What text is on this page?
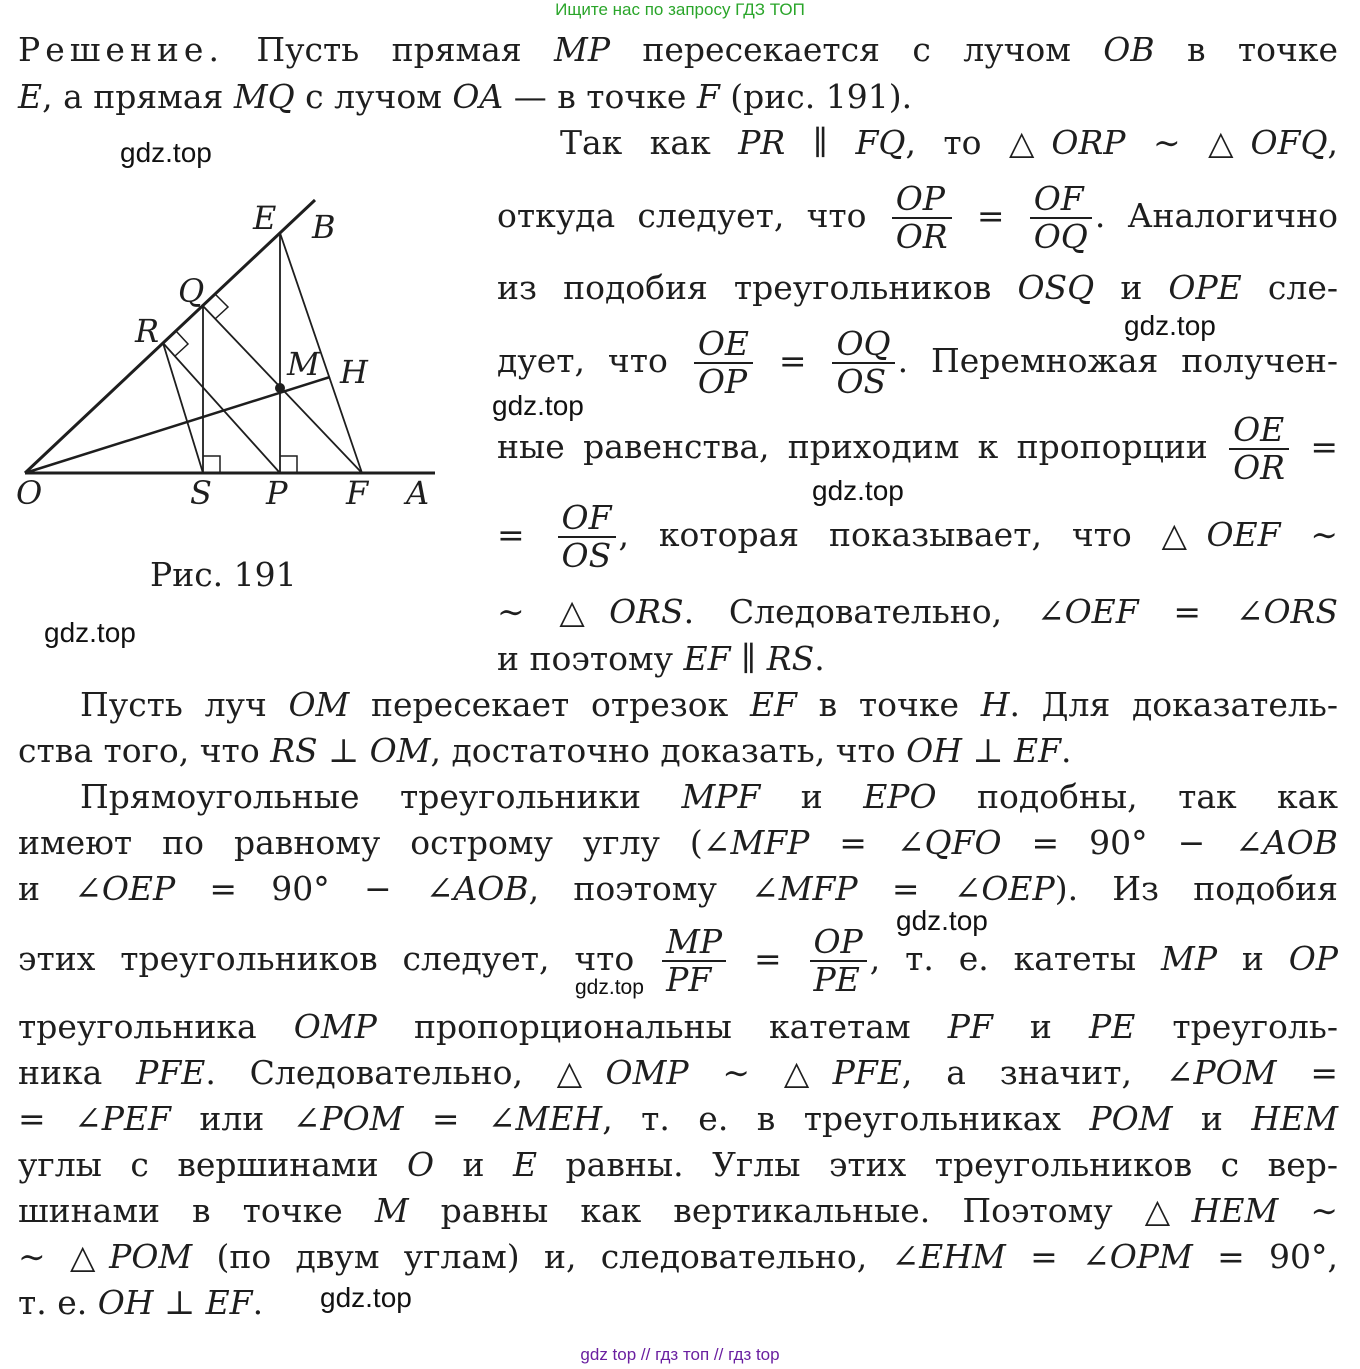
Ищите нас по запросу ГДЗ ТОП
O	S P F A
E B
Q
R
M H
Рис. 191
gdz.top
gdz.top
gdz.top
gdz.top
gdz.top
gdz.top
gdz.top
gdz.top
Решение. Пусть прямая MP пересекается с лучом OB в точке
E, а прямая MQ с лучом OA — в точке F (рис. 191).
Так как PR ∥ FQ, то △ORP ∼ △OFQ,
откуда следует, что $\frac{OP}{OR} = \frac{OF}{OQ}$ . Аналогично
из подобия треугольников OSQ и OPE сле-
дует, что $\frac{OE}{OP} = \frac{OQ}{OS}$ . Перемножая получен-
ные равенства, приходим к пропорции $\frac{OE}{OR}$ =
= $\frac{OF}{OS}$ , которая показывает, что △OEF ∼
∼ △ORS. Следовательно, ∠OEF = ∠ORS
и поэтому EF ∥ RS.
Пусть луч OM пересекает отрезок EF в точке H. Для доказатель-
ства того, что RS ⊥ OM, достаточно доказать, что OH ⊥ EF.
Прямоугольные треугольники MPF и EPO подобны, так как
имеют по равному острому углу (∠MFP = ∠QFO = 90° − ∠AOB
и ∠OEP = 90° − ∠AOB, поэтому ∠MFP = ∠OEP). Из подобия
этих треугольников следует, что $\frac{MP}{PF} = \frac{OP}{PE}$ , т. е. катеты MP и OP
треугольника OMP пропорциональны катетам PF и PE треуголь-
ника PFE. Следовательно, △OMP ∼ △PFE, а значит, ∠POM =
= ∠PEF или ∠POM = ∠MEH, т. е. в треугольниках POM и HEM
углы с вершинами O и E равны. Углы этих треугольников с вер-
шинами в точке M равны как вертикальные. Поэтому △HEM ∼
∼ △POM (по двум углам) и, следовательно, ∠EHM = ∠OPM = 90°,
т. е. OH ⊥ EF.
gdz top // гдз топ // гдз top
